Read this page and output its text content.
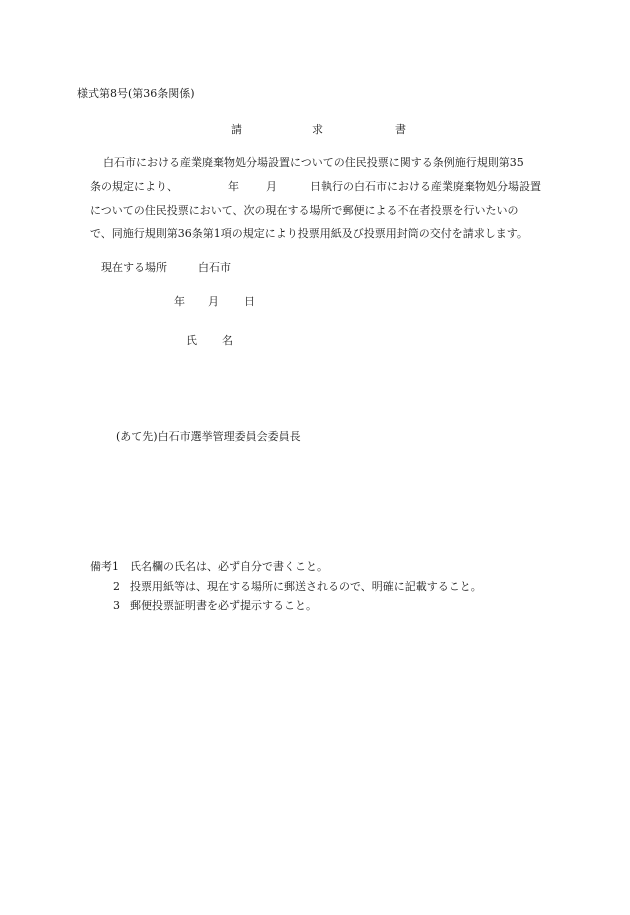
様式第8号(第36条関係)
請	求	書
白石市における産業廃棄物処分場設置についての住民投票に関する条例施行規則第35
条の規定により、	年 月	日執行の白石市における産業廃棄物処分場設置
についての住民投票において、次の現在する場所で郵便による不在者投票を行いたいの
で、同施行規則第36条第1項の規定により投票用紙及び投票用封筒の交付を請求します。
現在する場所	白石市
年 月 日
氏 名
(あて先)白石市選挙管理委員会委員長
備考1 氏名欄の氏名は、必ず自分で書くこと。
2 投票用紙等は、現在する場所に郵送されるので、明確に記載すること。
3 郵便投票証明書を必ず提示すること。
